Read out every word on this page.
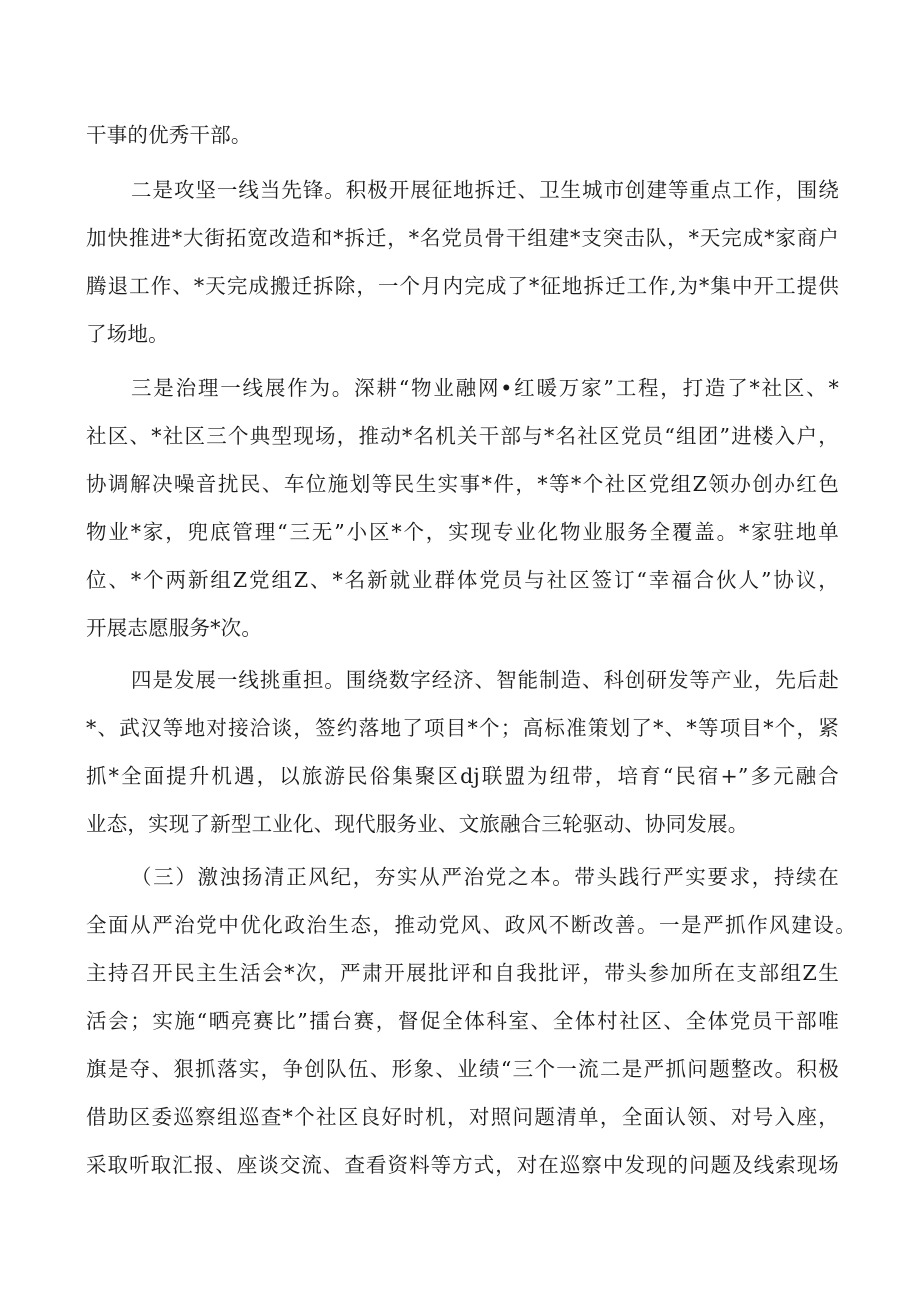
干事的优秀干部。
二是攻坚一线当先锋。积极开展征地拆迁、卫生城市创建等重点工作，围绕
加快推进*大街拓宽改造和*拆迁，*名党员骨干组建*支突击队，*天完成*家商户
腾退工作、*天完成搬迁拆除，一个月内完成了*征地拆迁工作,为*集中开工提供
了场地。
三是治理一线展作为。深耕“物业融网•红暖万家”工程，打造了*社区、*
社区、*社区三个典型现场，推动*名机关干部与*名社区党员“组团”进楼入户，
协调解决噪音扰民、车位施划等民生实事*件，*等*个社区党组Z领办创办红色
物业*家，兜底管理“三无”小区*个，实现专业化物业服务全覆盖。*家驻地单
位、*个两新组Z党组Z、*名新就业群体党员与社区签订“幸福合伙人”协议，
开展志愿服务*次。
四是发展一线挑重担。围绕数字经济、智能制造、科创研发等产业，先后赴
*、武汉等地对接洽谈，签约落地了项目*个；高标准策划了*、*等项目*个，紧
抓*全面提升机遇，以旅游民俗集聚区dj联盟为纽带，培育“民宿+”多元融合
业态，实现了新型工业化、现代服务业、文旅融合三轮驱动、协同发展。
（三）激浊扬清正风纪，夯实从严治党之本。带头践行严实要求，持续在
全面从严治党中优化政治生态，推动党风、政风不断改善。一是严抓作风建设。
主持召开民主生活会*次，严肃开展批评和自我批评，带头参加所在支部组Z生
活会；实施“晒亮赛比”擂台赛，督促全体科室、全体村社区、全体党员干部唯
旗是夺、狠抓落实，争创队伍、形象、业绩“三个一流二是严抓问题整改。积极
借助区委巡察组巡查*个社区良好时机，对照问题清单，全面认领、对号入座，
采取听取汇报、座谈交流、查看资料等方式，对在巡察中发现的问题及线索现场
